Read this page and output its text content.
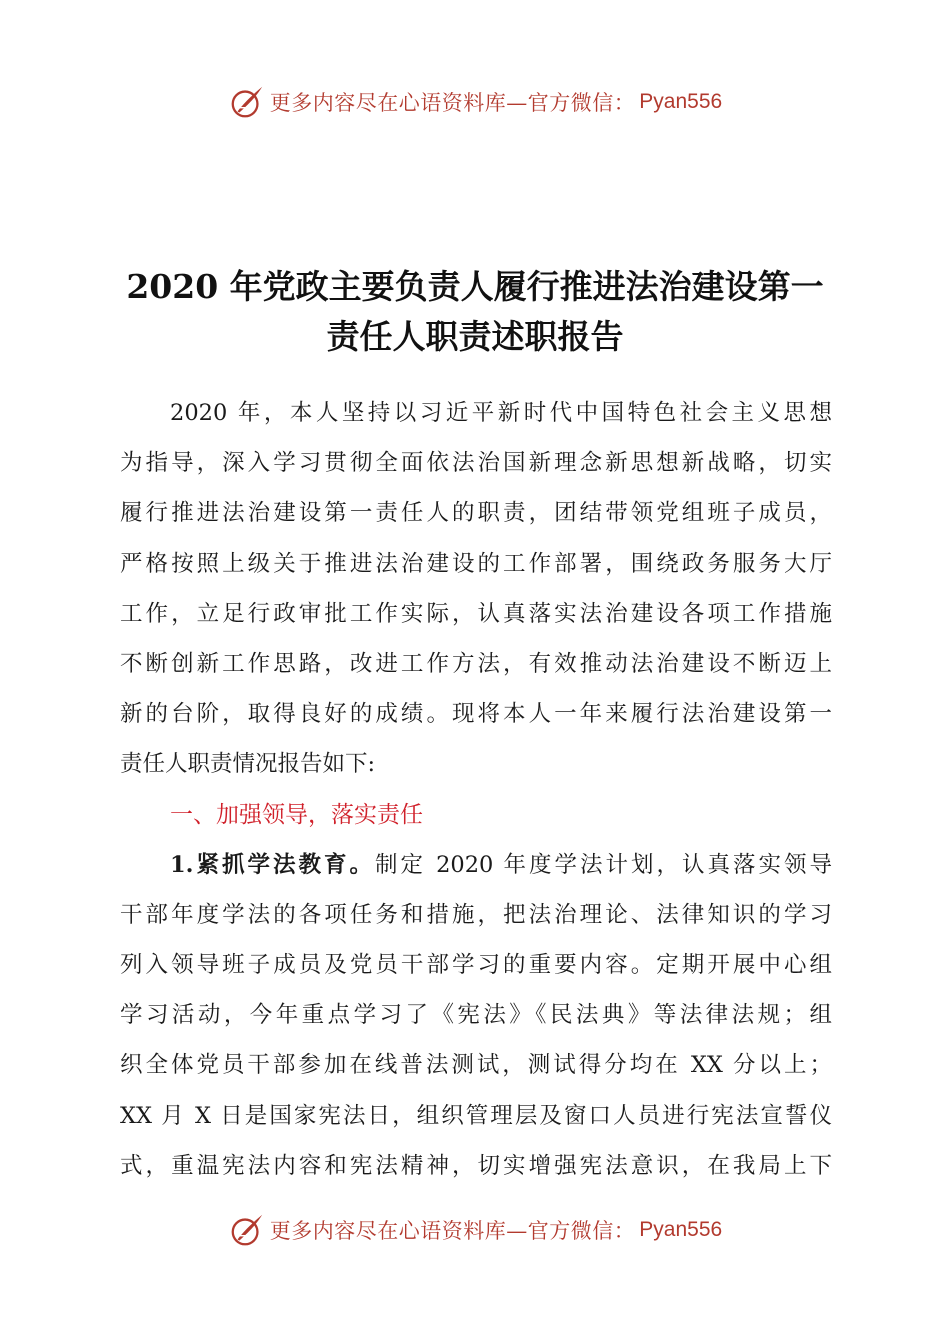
更多内容尽在心语资料库—官方微信： Pyan556
2020 年党政主要负责人履行推进法治建设第一
责任人职责述职报告
2020 年，本人坚持以习近平新时代中国特色社会主义思想
为指导，深入学习贯彻全面依法治国新理念新思想新战略，切实
履行推进法治建设第一责任人的职责，团结带领党组班子成员，
严格按照上级关于推进法治建设的工作部署，围绕政务服务大厅
工作，立足行政审批工作实际，认真落实法治建设各项工作措施
不断创新工作思路，改进工作方法，有效推动法治建设不断迈上
新的台阶，取得良好的成绩。现将本人一年来履行法治建设第一
责任人职责情况报告如下:
一、加强领导，落实责任
1.紧抓学法教育。制定 2020 年度学法计划，认真落实领导
干部年度学法的各项任务和措施，把法治理论、法律知识的学习
列入领导班子成员及党员干部学习的重要内容。定期开展中心组
学习活动，今年重点学习了《宪法》《民法典》等法律法规；组
织全体党员干部参加在线普法测试，测试得分均在 XX 分以上；
XX 月 X 日是国家宪法日，组织管理层及窗口人员进行宪法宣誓仪
式，重温宪法内容和宪法精神，切实增强宪法意识，在我局上下
更多内容尽在心语资料库—官方微信： Pyan556
